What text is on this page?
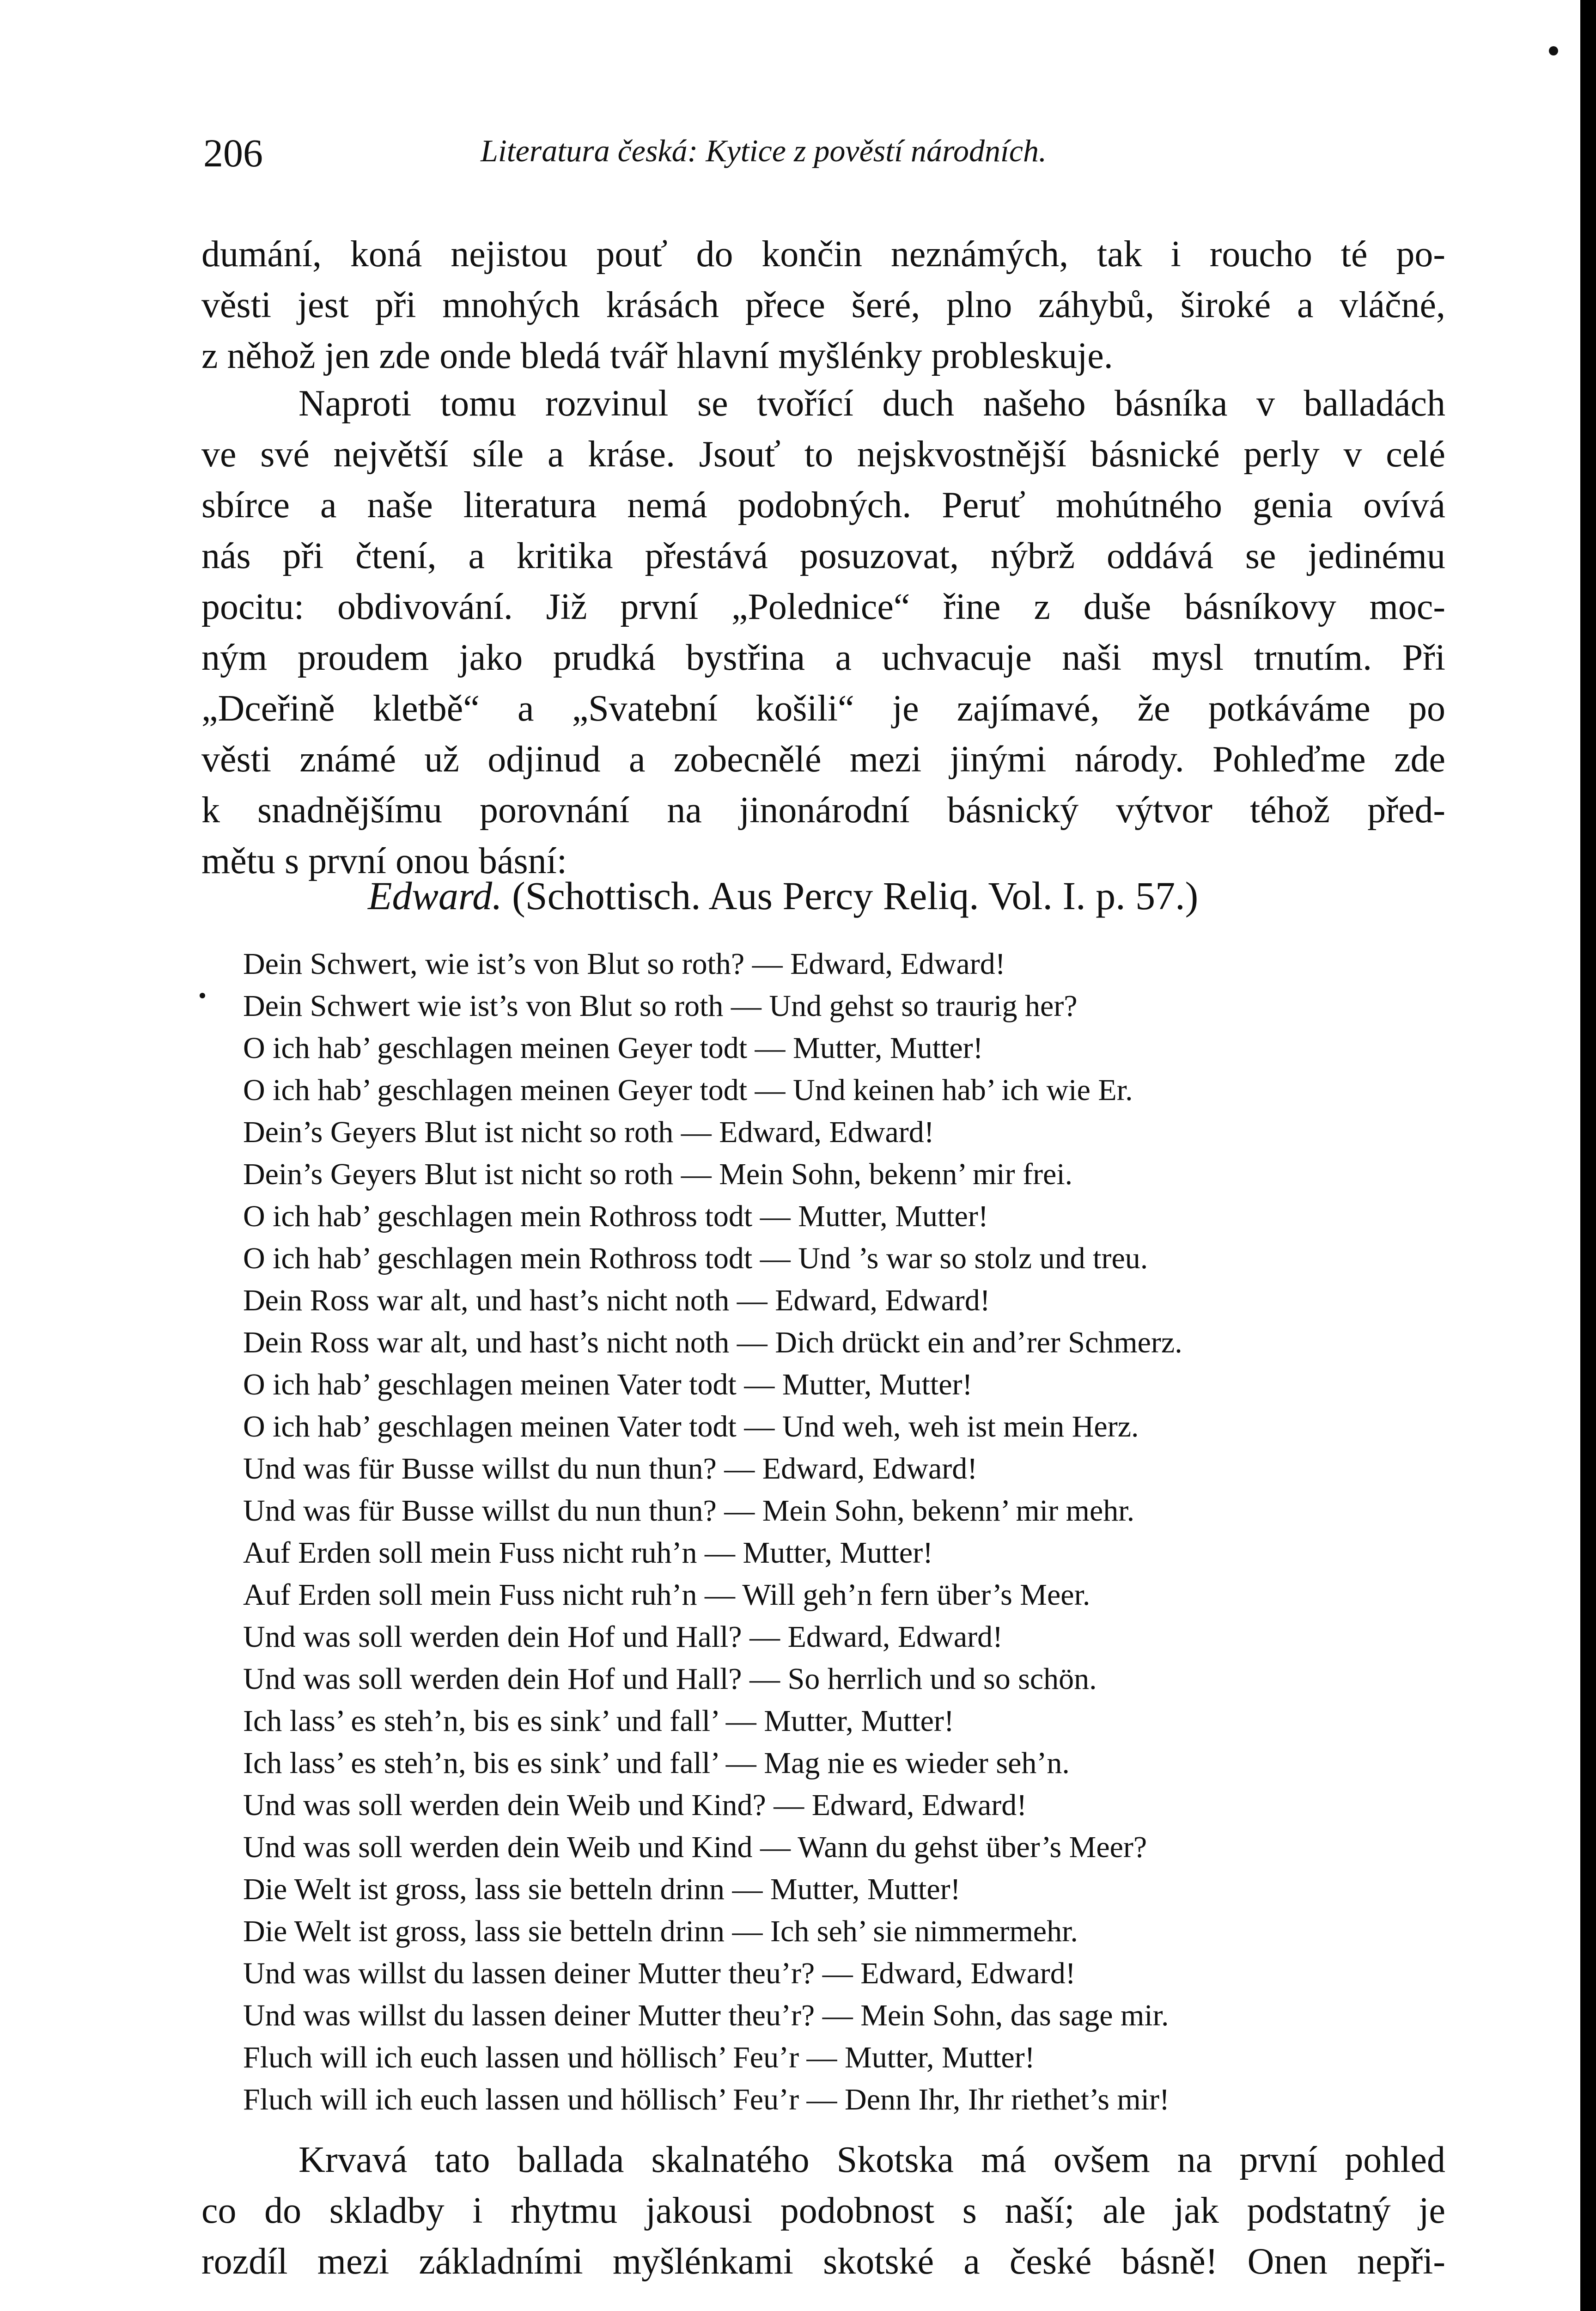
206	Literatura česká: Kytice z pověstí národních.
dumání, koná nejistou pouť do končin neznámých, tak i roucho té po-
věsti jest při mnohých krásách přece šeré, plno záhybů, široké a vláčné,
z něhož jen zde onde bledá tvář hlavní myšlénky probleskuje.
Naproti tomu rozvinul se tvořící duch našeho básníka v balladách
ve své největší síle a kráse. Jsouť to nejskvostnější básnické perly v celé
sbírce a naše literatura nemá podobných. Peruť mohútného genia ovívá
nás při čtení, a kritika přestává posuzovat, nýbrž oddává se jedinému
pocitu: obdivování. Již první „Polednice“ řine z duše básníkovy moc-
ným proudem jako prudká bystřina a uchvacuje naši mysl trnutím. Při
„Dceřině kletbě“ a „Svatební košili“ je zajímavé, že potkáváme po
věsti známé už odjinud a zobecnělé mezi jinými národy. Pohleďme zde
k snadnějšímu porovnání na jinonárodní básnický výtvor téhož před-
mětu s první onou básní:
Edward. (Schottisch. Aus Percy Reliq. Vol. I. p. 57.)
Dein Schwert, wie ist’s von Blut so roth? — Edward, Edward!
Dein Schwert wie ist’s von Blut so roth — Und gehst so traurig her?
O ich hab’ geschlagen meinen Geyer todt — Mutter, Mutter!
O ich hab’ geschlagen meinen Geyer todt — Und keinen hab’ ich wie Er.
Dein’s Geyers Blut ist nicht so roth — Edward, Edward!
Dein’s Geyers Blut ist nicht so roth — Mein Sohn, bekenn’ mir frei.
O ich hab’ geschlagen mein Rothross todt — Mutter, Mutter!
O ich hab’ geschlagen mein Rothross todt — Und ’s war so stolz und treu.
Dein Ross war alt, und hast’s nicht noth — Edward, Edward!
Dein Ross war alt, und hast’s nicht noth — Dich drückt ein and’rer Schmerz.
O ich hab’ geschlagen meinen Vater todt — Mutter, Mutter!
O ich hab’ geschlagen meinen Vater todt — Und weh, weh ist mein Herz.
Und was für Busse willst du nun thun? — Edward, Edward!
Und was für Busse willst du nun thun? — Mein Sohn, bekenn’ mir mehr.
Auf Erden soll mein Fuss nicht ruh’n — Mutter, Mutter!
Auf Erden soll mein Fuss nicht ruh’n — Will geh’n fern über’s Meer.
Und was soll werden dein Hof und Hall? — Edward, Edward!
Und was soll werden dein Hof und Hall? — So herrlich und so schön.
Ich lass’ es steh’n, bis es sink’ und fall’ — Mutter, Mutter!
Ich lass’ es steh’n, bis es sink’ und fall’ — Mag nie es wieder seh’n.
Und was soll werden dein Weib und Kind? — Edward, Edward!
Und was soll werden dein Weib und Kind — Wann du gehst über’s Meer?
Die Welt ist gross, lass sie betteln drinn — Mutter, Mutter!
Die Welt ist gross, lass sie betteln drinn — Ich seh’ sie nimmermehr.
Und was willst du lassen deiner Mutter theu’r? — Edward, Edward!
Und was willst du lassen deiner Mutter theu’r? — Mein Sohn, das sage mir.
Fluch will ich euch lassen und höllisch’ Feu’r — Mutter, Mutter!
Fluch will ich euch lassen und höllisch’ Feu’r — Denn Ihr, Ihr riethet’s mir!
Krvavá tato ballada skalnatého Skotska má ovšem na první pohled
co do skladby i rhytmu jakousi podobnost s naší; ale jak podstatný je
rozdíl mezi základními myšlénkami skotské a české básně! Onen nepři-
